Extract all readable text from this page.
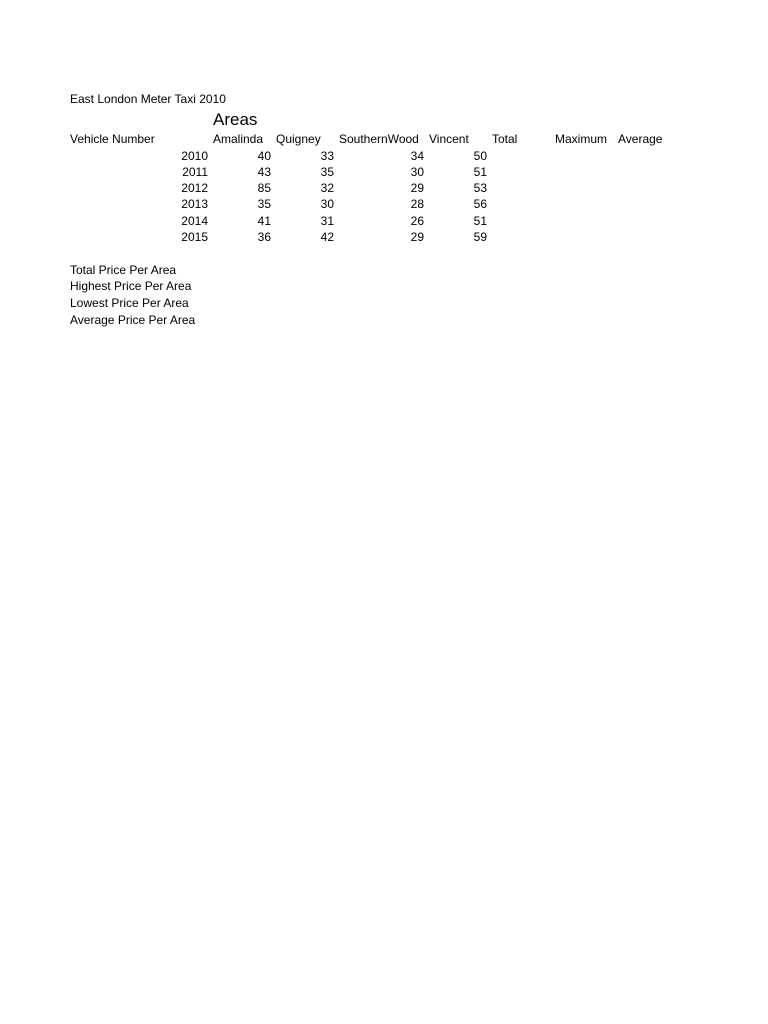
East London Meter Taxi 2010
Areas
Vehicle Number	Amalinda Quigney SouthernWood Vincent Total	Maximum Average
2010	40	33	34	50
2011	43	35	30	51
2012	85	32	29	53
2013	35	30	28	56
2014	41	31	26	51
2015	36	42	29	59
Total Price Per Area
Highest Price Per Area
Lowest Price Per Area
Average Price Per Area
